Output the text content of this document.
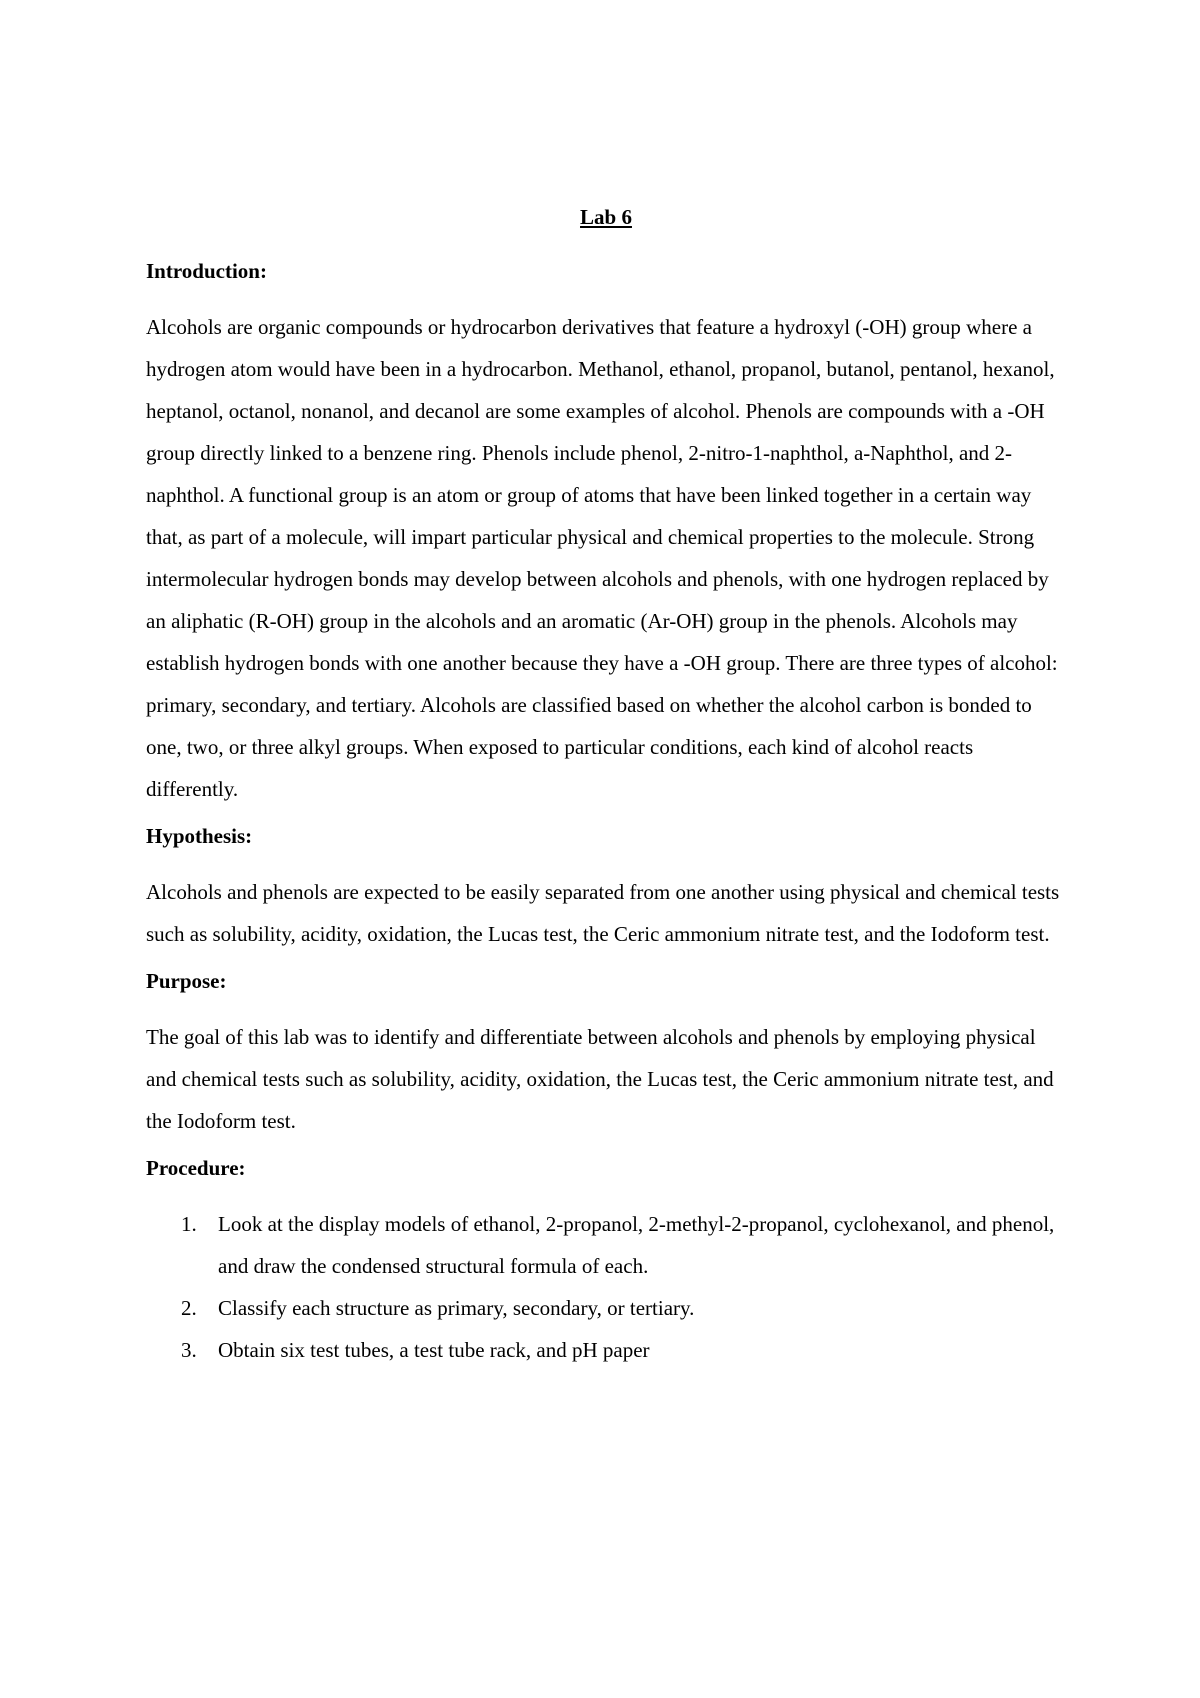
Lab 6
Introduction:

Alcohols are organic compounds or hydrocarbon derivatives that feature a hydroxyl (-OH) group where a hydrogen atom would have been in a hydrocarbon. Methanol, ethanol, propanol, butanol, pentanol, hexanol, heptanol, octanol, nonanol, and decanol are some examples of alcohol. Phenols are compounds with a -OH group directly linked to a benzene ring. Phenols include phenol, 2-nitro-1-naphthol, a-Naphthol, and 2-naphthol. A functional group is an atom or group of atoms that have been linked together in a certain way that, as part of a molecule, will impart particular physical and chemical properties to the molecule. Strong intermolecular hydrogen bonds may develop between alcohols and phenols, with one hydrogen replaced by an aliphatic (R-OH) group in the alcohols and an aromatic (Ar-OH) group in the phenols. Alcohols may establish hydrogen bonds with one another because they have a -OH group. There are three types of alcohol: primary, secondary, and tertiary. Alcohols are classified based on whether the alcohol carbon is bonded to one, two, or three alkyl groups. When exposed to particular conditions, each kind of alcohol reacts differently.

Hypothesis:

Alcohols and phenols are expected to be easily separated from one another using physical and chemical tests such as solubility, acidity, oxidation, the Lucas test, the Ceric ammonium nitrate test, and the Iodoform test.

Purpose:

The goal of this lab was to identify and differentiate between alcohols and phenols by employing physical and chemical tests such as solubility, acidity, oxidation, the Lucas test, the Ceric ammonium nitrate test, and the Iodoform test.

Procedure:
1.	Look at the display models of ethanol, 2-propanol, 2-methyl-2-propanol, cyclohexanol, and phenol, and draw the condensed structural formula of each.
2.	Classify each structure as primary, secondary, or tertiary.
3.	Obtain six test tubes, a test tube rack, and pH paper
